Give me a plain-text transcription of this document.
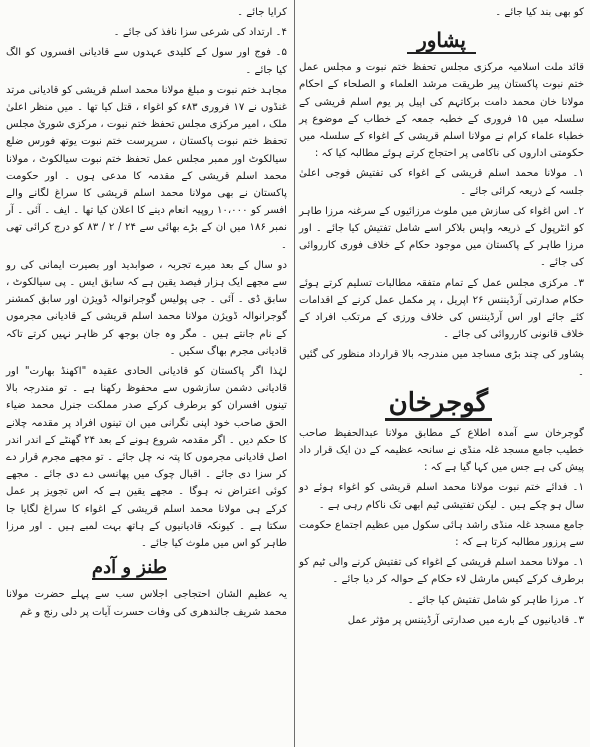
کو بھی بند کیا جائے ۔

پشاور

قائد ملت اسلامیہ مرکزی مجلس تحفظ ختم نبوت و مجلس عمل ختم نبوت پاکستان پیر طریقت مرشد العلماء و الصلحاء کے احکام مولانا خان محمد دامت برکاتہم کی اپیل پر یوم اسلم قریشی کے سلسلہ میں ۱۵ فروری کے خطبہ جمعہ کے خطاب کے موضوع پر خطباء علماء کرام نے مولانا اسلم قریشی کے اغواء کے سلسلہ میں حکومتی اداروں کی ناکامی پر احتجاج کرتے ہوئے مطالبہ کیا کہ :

۱۔ مولانا محمد اسلم قریشی کے اغواء کی تفتیش فوجی اعلیٰ جلسہ کے ذریعہ کرائی جائے ۔

۲۔ اس اغواء کی سازش میں ملوث مرزائیوں کے سرغنہ مرزا طاہر کو انٹرپول کے ذریعہ واپس بلاکر اسے شامل تفتیش کیا جائے ۔ اور مرزا طاہر کے پاکستان میں موجود حکام کے خلاف فوری کارروائی کی جائے ۔

۳۔ مرکزی مجلس عمل کے تمام متفقہ مطالبات تسلیم کرتے ہوئے حکام صدارتی آرڈیننس ۲۶ اپریل ، پر مکمل عمل کرنے کے اقدامات کئے جائے اور اس آرڈیننس کی خلاف ورزی کے مرتکب افراد کے خلاف قانونی کارروائی کی جائے ۔

پشاور کی چند بڑی مساجد میں مندرجہ بالا قرارداد منظور کی گئیں ۔

گوجرخان

گوجرخان سے آمدہ اطلاع کے مطابق مولانا عبدالحفیظ صاحب خطیب جامع مسجد غلہ منڈی نے سانحہ عظیمہ کے دن ایک قرار داد پیش کی ہے جس میں کہا گیا ہے کہ :

۱۔ فدائے ختم نبوت مولانا محمد اسلم قریشی کو اغواء ہوئے دو سال ہو چکے ہیں ۔ لیکن تفتیشی ٹیم ابھی تک ناکام رہی ہے ۔

جامع مسجد غلہ منڈی راشد ہائی سکول میں عظیم اجتماع حکومت سے پرزور مطالبہ کرتا ہے کہ :

۱۔ مولانا محمد اسلم قریشی کے اغواء کی تفتیش کرنے والی ٹیم کو برطرف کرکے کیس مارشل لاء حکام کے حوالہ کر دیا جائے ۔

۲۔ مرزا طاہر کو شامل تفتیش کیا جائے ۔

۳۔ قادیانیوں کے بارے میں صدارتی آرڈیننس پر مؤثر عمل

کرایا جائے ۔

۴۔ ارتداد کی شرعی سزا نافذ کی جائے ۔

۵۔ فوج اور سول کے کلیدی عہدوں سے قادیانی افسروں کو الگ کیا جائے ۔

مجاہد ختم نبوت و مبلغ مولانا محمد اسلم قریشی کو قادیانی مرتد غنڈوں نے ۱۷ فروری ۸۳ء کو اغواء ، قتل کیا تھا ۔ میں منظر اعلیٰ ملک ، امیر مرکزی مجلس تحفظ ختم نبوت ، مرکزی شوریٰ مجلس تحفظ ختم نبوت پاکستان ، سرپرست ختم نبوت یوتھ فورس ضلع سیالکوٹ اور ممبر مجلس عمل تحفظ ختم نبوت سیالکوٹ ، مولانا محمد اسلم قریشی کے مقدمہ کا مدعی ہوں ۔ اور حکومت پاکستان نے بھی مولانا محمد اسلم قریشی کا سراغ لگانے والے افسر کو ۱۰،۰۰۰ روپیہ انعام دینے کا اعلان کیا تھا ۔ ایف ۔ آئی ۔ آر نمبر ۱۸۶ میں ان کے بڑے بھائی سے ۲۴ / ۲ / ۸۳ کو درج کرائی تھی ۔

دو سال کے بعد میرے تجربہ ، صوابدید اور بصیرت ایمانی کی رو سے مجھے ایک ہزار فیصد یقین ہے کہ سابق ایس ۔ پی سیالکوٹ ، سابق ڈی ۔ آئی ۔ جی پولیس گوجرانوالہ ڈویژن اور سابق کمشنر گوجرانوالہ ڈویژن مولانا محمد اسلم قریشی کے قادیانی مجرموں کے نام جانتے ہیں ۔ مگر وہ جان بوجھ کر ظاہر نہیں کرتے تاکہ قادیانی مجرم بھاگ سکیں ۔

لہٰذا اگر پاکستان کو قادیانی الحادی عقیدہ "اکھنڈ بھارت" اور قادیانی دشمن سازشوں سے محفوظ رکھنا ہے ۔ تو مندرجہ بالا تینوں افسران کو برطرف کرکے صدر مملکت جنرل محمد ضیاء الحق صاحب خود اپنی نگرانی میں ان تینوں افراد پر مقدمہ چلانے کا حکم دیں ۔ اگر مقدمہ شروع ہونے کے بعد ۲۴ گھنٹے کے اندر اندر اصل قادیانی مجرموں کا پتہ نہ چل جائے ۔ تو مجھے مجرم قرار دے کر سزا دی جائے ۔ اقبال چوک میں پھانسی دے دی جائے ۔ مجھے کوئی اعتراض نہ ہوگا ۔ مجھے یقین ہے کہ اس تجویز پر عمل کرکے ہی مولانا محمد اسلم قریشی کے اغواء کا سراغ لگایا جا سکتا ہے ۔ کیونکہ قادیانیوں کے ہاتھ بہت لمبے ہیں ۔ اور مرزا طاہر کو اس میں ملوث کیا جائے ۔

طنز و آدم

یہ عظیم الشان احتجاجی اجلاس سب سے پہلے حضرت مولانا محمد شریف جالندھری کی وفات حسرت آیات پر دلی رنج و غم
